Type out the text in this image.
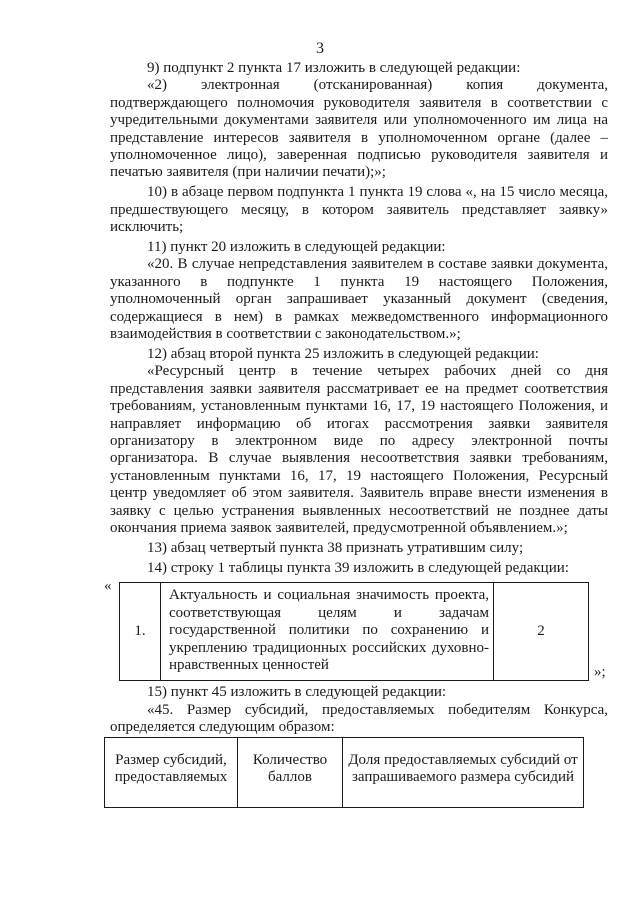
3

9) подпункт 2 пункта 17 изложить в следующей редакции:

«2) электронная (отсканированная) копия документа, подтверждающего полномочия руководителя заявителя в соответствии с учредительными документами заявителя или уполномоченного им лица на представление интересов заявителя в уполномоченном органе (далее – уполномоченное лицо), заверенная подписью руководителя заявителя и печатью заявителя (при наличии печати);»;

10) в абзаце первом подпункта 1 пункта 19 слова «, на 15 число месяца, предшествующего месяцу, в котором заявитель представляет заявку» исключить;

11) пункт 20 изложить в следующей редакции:

«20. В случае непредставления заявителем в составе заявки документа, указанного в подпункте 1 пункта 19 настоящего Положения, уполномоченный орган запрашивает указанный документ (сведения, содержащиеся в нем) в рамках межведомственного информационного взаимодействия в соответствии с законодательством.»;

12) абзац второй пункта 25 изложить в следующей редакции:

«Ресурсный центр в течение четырех рабочих дней со дня представления заявки заявителя рассматривает ее на предмет соответствия требованиям, установленным пунктами 16, 17, 19 настоящего Положения, и направляет информацию об итогах рассмотрения заявки заявителя организатору в электронном виде по адресу электронной почты организатора. В случае выявления несоответствия заявки требованиям, установленным пунктами 16, 17, 19 настоящего Положения, Ресурсный центр уведомляет об этом заявителя. Заявитель вправе внести изменения в заявку с целью устранения выявленных несоответствий не позднее даты окончания приема заявок заявителей, предусмотренной объявлением.»;

13) абзац четвертый пункта 38 признать утратившим силу;

14) строку 1 таблицы пункта 39 изложить в следующей редакции:

«
1.	Актуальность и социальная значимость проекта, соответствующая целям и задачам государственной политики по сохранению и укреплению традиционных российских духовно-нравственных ценностей	2
»;

15) пункт 45 изложить в следующей редакции:

«45. Размер субсидий, предоставляемых победителям Конкурса, определяется следующим образом:

Размер субсидий, предоставляемых	Количество баллов	Доля предоставляемых субсидий от запрашиваемого размера субсидий
